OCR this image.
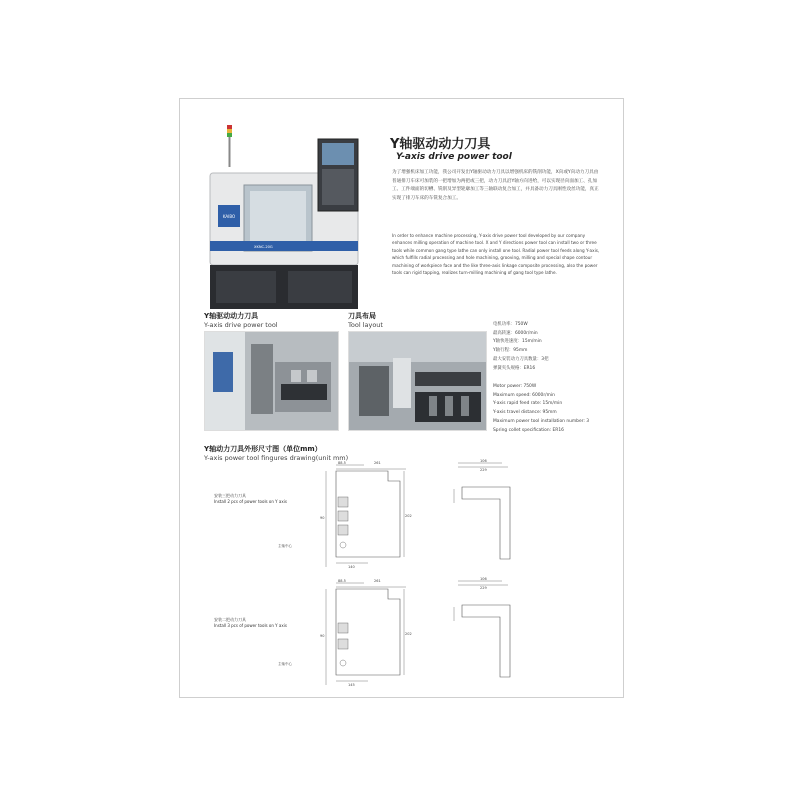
KAIBO
XKNC-20G
Y轴驱动动力刀具
Y-axis drive power tool
为了增强机床加工功能，我公司开发出Y轴驱动动力刀具以增强机床的铣削功能，X向或Y向动力刀具由普通排刀车床可加装的一把增加为两把或三把，动力刀具沿Y轴方向进给，可以实现径向面加工、孔加工、工件端面的切槽、铣削及异型轮廓加工等三轴联动复合加工，并具备动力刀具刚性攻丝功能，真正实现了排刀车床的车铣复合加工。
In order to enhance machine processing, Y-axis drive power tool developed by our company enhances milling operation of machine tool. X and Y directions power tool can install two or three tools while common gang type lathe can only install one tool. Radial power tool feeds along Y-axis, which fulfills radial processing and hole machining, grooving, milling and special shape contour machining of workpiece face and the like three-axis linkage composite processing, also the power tools can rigid tapping, realizes turn-milling machining of gang tool type lathe.
Y轴驱动动力刀具
Y-axis drive power tool
刀具布局
Tool layout	电机功率：750W
最高转速：6000r/min
Y轴快进速度：15m/min
Y轴行程：95mm
最大安装动力刀具数量：3把
弹簧夹头规格：ER16
Motor power: 750W
Maximum speed: 6000r/min
Y-axis rapid feed rate: 15m/min
Y-axis travel distance: 95mm
Maximum power tool installation number: 3
Spring collet specification: ER16
Y轴动力刀具外形尺寸图（单位mm）
Y-axis power tool fingures drawing(unit mm)
安装三把动力刀具
Install 2 pcs of power tools on Y axis
88.5	261
202
90
140
主轴中心
106
229
安装二把动力刀具
Install 3 pcs of power tools on Y axis
88.5	261
202
90
145
主轴中心
106
229
